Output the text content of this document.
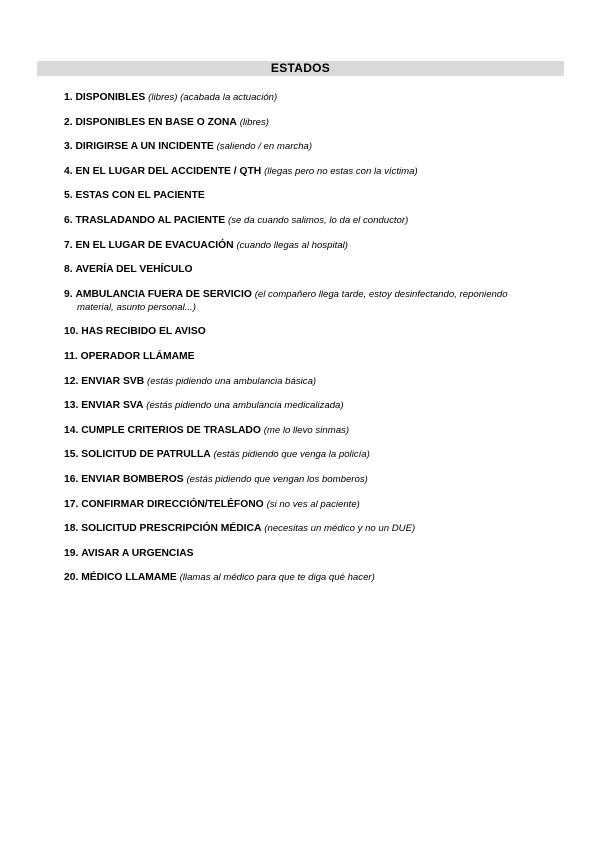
ESTADOS
1. DISPONIBLES (libres) (acabada la actuación)
2. DISPONIBLES EN BASE O ZONA (libres)
3. DIRIGIRSE A UN INCIDENTE (saliendo / en marcha)
4. EN EL LUGAR DEL ACCIDENTE / QTH (llegas pero no estas con la víctima)
5. ESTAS CON EL PACIENTE
6. TRASLADANDO AL PACIENTE (se da cuando salimos, lo da el conductor)
7. EN EL LUGAR DE EVACUACIÓN (cuando llegas al hospital)
8. AVERÍA DEL VEHÍCULO
9. AMBULANCIA FUERA DE SERVICIO (el compañero llega tarde, estoy desinfectando, reponiendo material, asunto personal...)
10. HAS RECIBIDO EL AVISO
11. OPERADOR LLÁMAME
12. ENVIAR SVB (estás pidiendo una ambulancia básica)
13. ENVIAR SVA (estás pidiendo una ambulancia medicalizada)
14. CUMPLE CRITERIOS DE TRASLADO (me lo llevo sinmas)
15. SOLICITUD DE PATRULLA (estás pidiendo que venga la policía)
16. ENVIAR BOMBEROS (estás pidiendo que vengan los bomberos)
17. CONFIRMAR DIRECCIÓN/TELÉFONO (si no ves al paciente)
18. SOLICITUD PRESCRIPCIÓN MÉDICA (necesitas un médico y no un DUE)
19. AVISAR A URGENCIAS
20. MÉDICO LLAMAME (llamas al médico para que te diga qué hacer)
